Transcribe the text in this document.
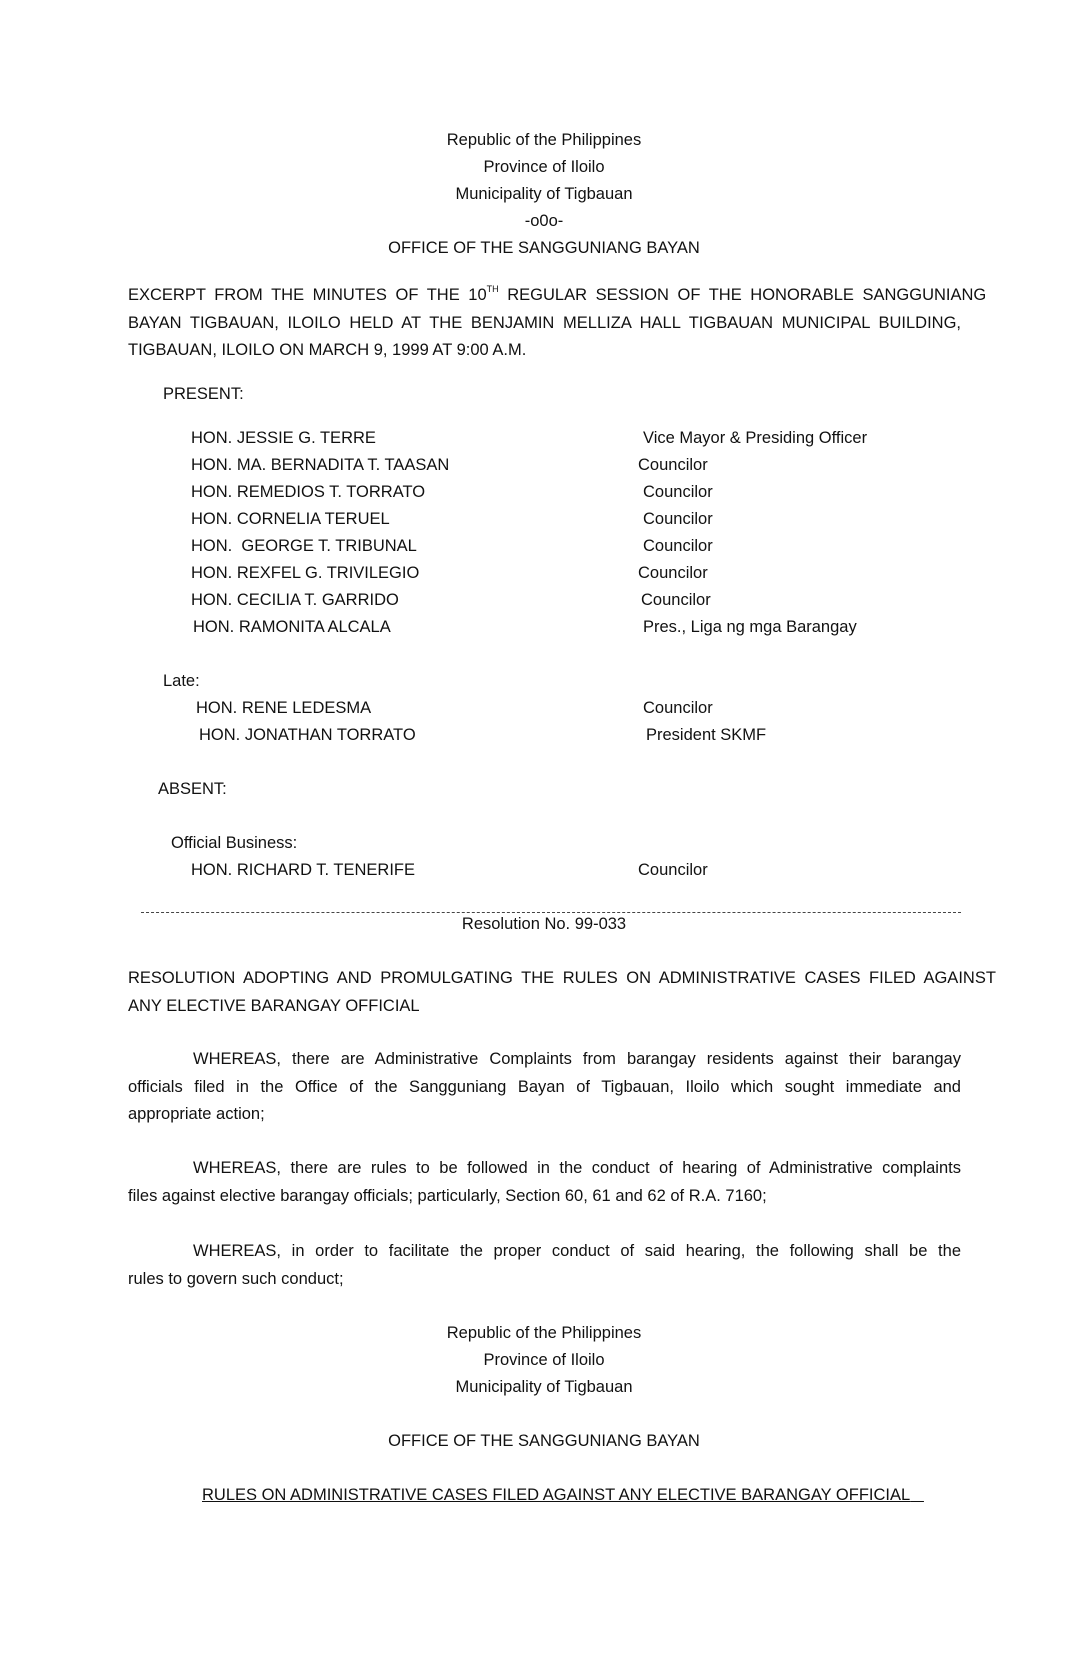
Republic of the Philippines
Province of Iloilo
Municipality of Tigbauan
-o0o-
OFFICE OF THE SANGGUNIANG BAYAN
EXCERPT FROM THE MINUTES OF THE 10TH REGULAR SESSION OF THE HONORABLE SANGGUNIANG
BAYAN TIGBAUAN, ILOILO HELD AT THE BENJAMIN MELLIZA HALL TIGBAUAN MUNICIPAL BUILDING,
TIGBAUAN, ILOILO ON MARCH 9, 1999 AT 9:00 A.M.
PRESENT:
HON. JESSIE G. TERRE	Vice Mayor & Presiding Officer
HON. MA. BERNADITA T. TAASAN	Councilor
HON. REMEDIOS T. TORRATO	Councilor
HON. CORNELIA TERUEL	Councilor
HON.  GEORGE T. TRIBUNAL	Councilor
HON. REXFEL G. TRIVILEGIO	Councilor
HON. CECILIA T. GARRIDO	Councilor
HON. RAMONITA ALCALA	Pres., Liga ng mga Barangay
Late:
HON. RENE LEDESMA	Councilor
HON. JONATHAN TORRATO	President SKMF
ABSENT:
Official Business:
HON. RICHARD T. TENERIFE	Councilor
Resolution No. 99-033
RESOLUTION ADOPTING AND PROMULGATING THE RULES ON ADMINISTRATIVE CASES FILED AGAINST
ANY ELECTIVE BARANGAY OFFICIAL
WHEREAS, there are Administrative Complaints from barangay residents against their barangay
officials filed in the Office of the Sangguniang Bayan of Tigbauan, Iloilo which sought immediate and
appropriate action;
WHEREAS, there are rules to be followed in the conduct of hearing of Administrative complaints
files against elective barangay officials; particularly, Section 60, 61 and 62 of R.A. 7160;
WHEREAS, in order to facilitate the proper conduct of said hearing, the following shall be the
rules to govern such conduct;
Republic of the Philippines
Province of Iloilo
Municipality of Tigbauan
OFFICE OF THE SANGGUNIANG BAYAN
RULES ON ADMINISTRATIVE CASES FILED AGAINST ANY ELECTIVE BARANGAY OFFICIAL
